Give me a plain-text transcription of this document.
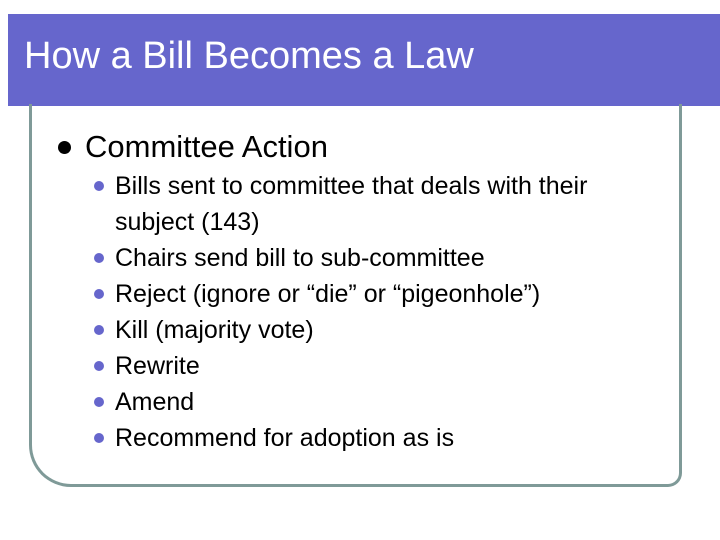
How a Bill Becomes a Law
Committee Action
Bills sent to committee that deals with their
subject (143)
Chairs send bill to sub-committee
Reject (ignore or “die” or “pigeonhole”)
Kill (majority vote)
Rewrite
Amend
Recommend for adoption as is
